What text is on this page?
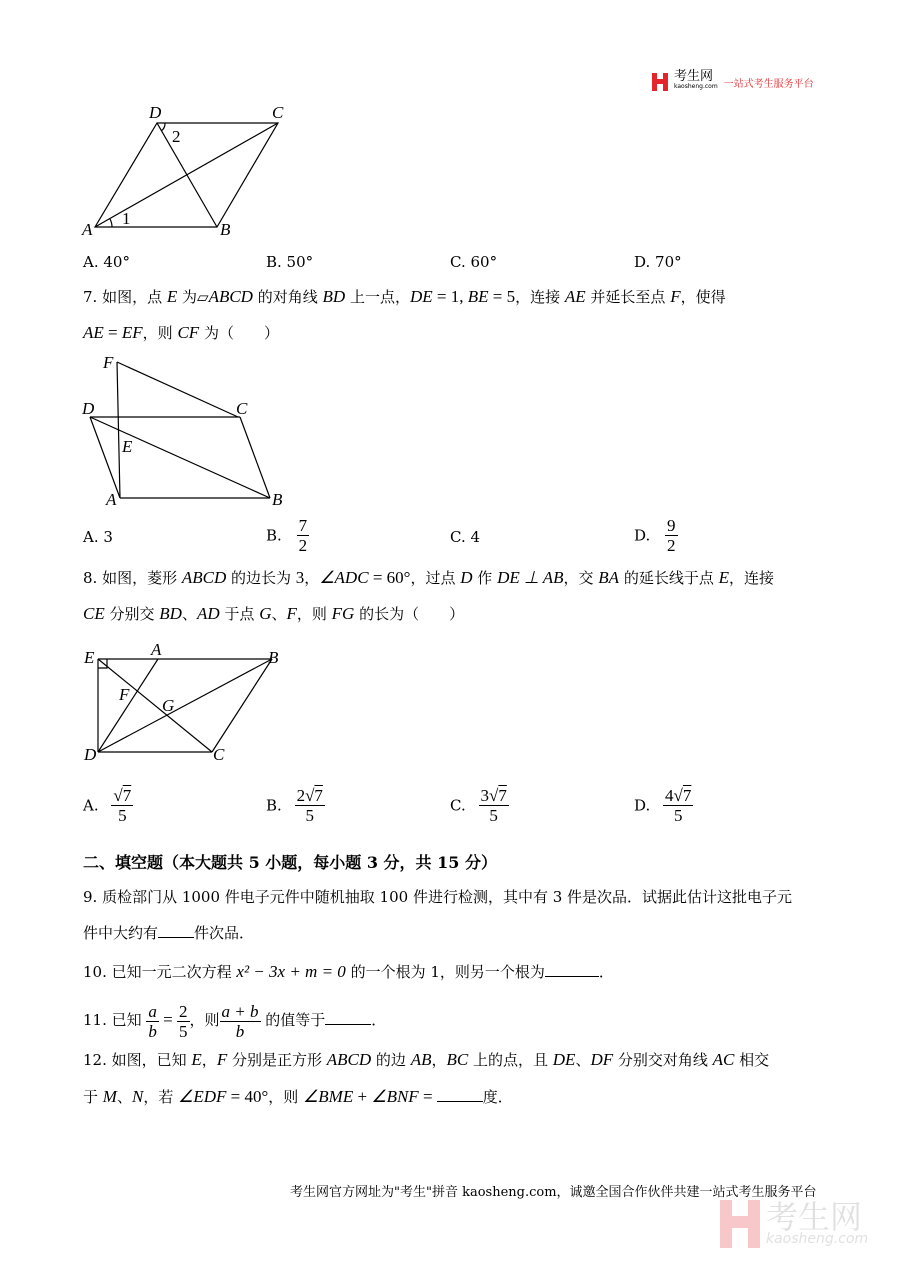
考生网
kaosheng.com 一站式考生服务平台
D	C
A	B
2
1
A. 40°	B. 50°	C. 60°	D. 70°
7. 如图，点 E 为▱ABCD 的对角线 BD 上一点，DE = 1, BE = 5，连接 AE 并延长至点 F，使得
AE = EF，则 CF 为（　　）
F
D	C
E
A	B
A. 3	B. $\frac{7}{2}$	C. 4	D. $\frac{9}{2}$
8. 如图，菱形 ABCD 的边长为 3，∠ADC = 60°，过点 D 作 DE ⊥ AB，交 BA 的延长线于点 E，连接
CE 分别交 BD、AD 于点 G、F，则 FG 的长为（　　）
E	A	B
F
G
D	C
A. $\frac{√7}{5}$	B. $\frac{2√7}{5}$	C. $\frac{3√7}{5}$	D. $\frac{4√7}{5}$
二、填空题（本大题共 5 小题，每小题 3 分，共 15 分）
9. 质检部门从 1000 件电子元件中随机抽取 100 件进行检测，其中有 3 件是次品．试据此估计这批电子元
件中大约有 件次品．
10. 已知一元二次方程 x² − 3x + m = 0 的一个根为 1，则另一个根为	．
11. 已知 $\frac{a}{b} = \frac{2}{5}$ ，则 $\frac{a + b}{b}$ 的值等于	．
12. 如图，已知 E，F 分别是正方形 ABCD 的边 AB，BC 上的点，且 DE、DF 分别交对角线 AC 相交
于 M、N，若 ∠EDF = 40°，则 ∠BME + ∠BNF =	度．
考生网官方网址为"考生"拼音 kaosheng.com，诚邀全国合作伙伴共建一站式考生服务平台
考生网
kaosheng.com
